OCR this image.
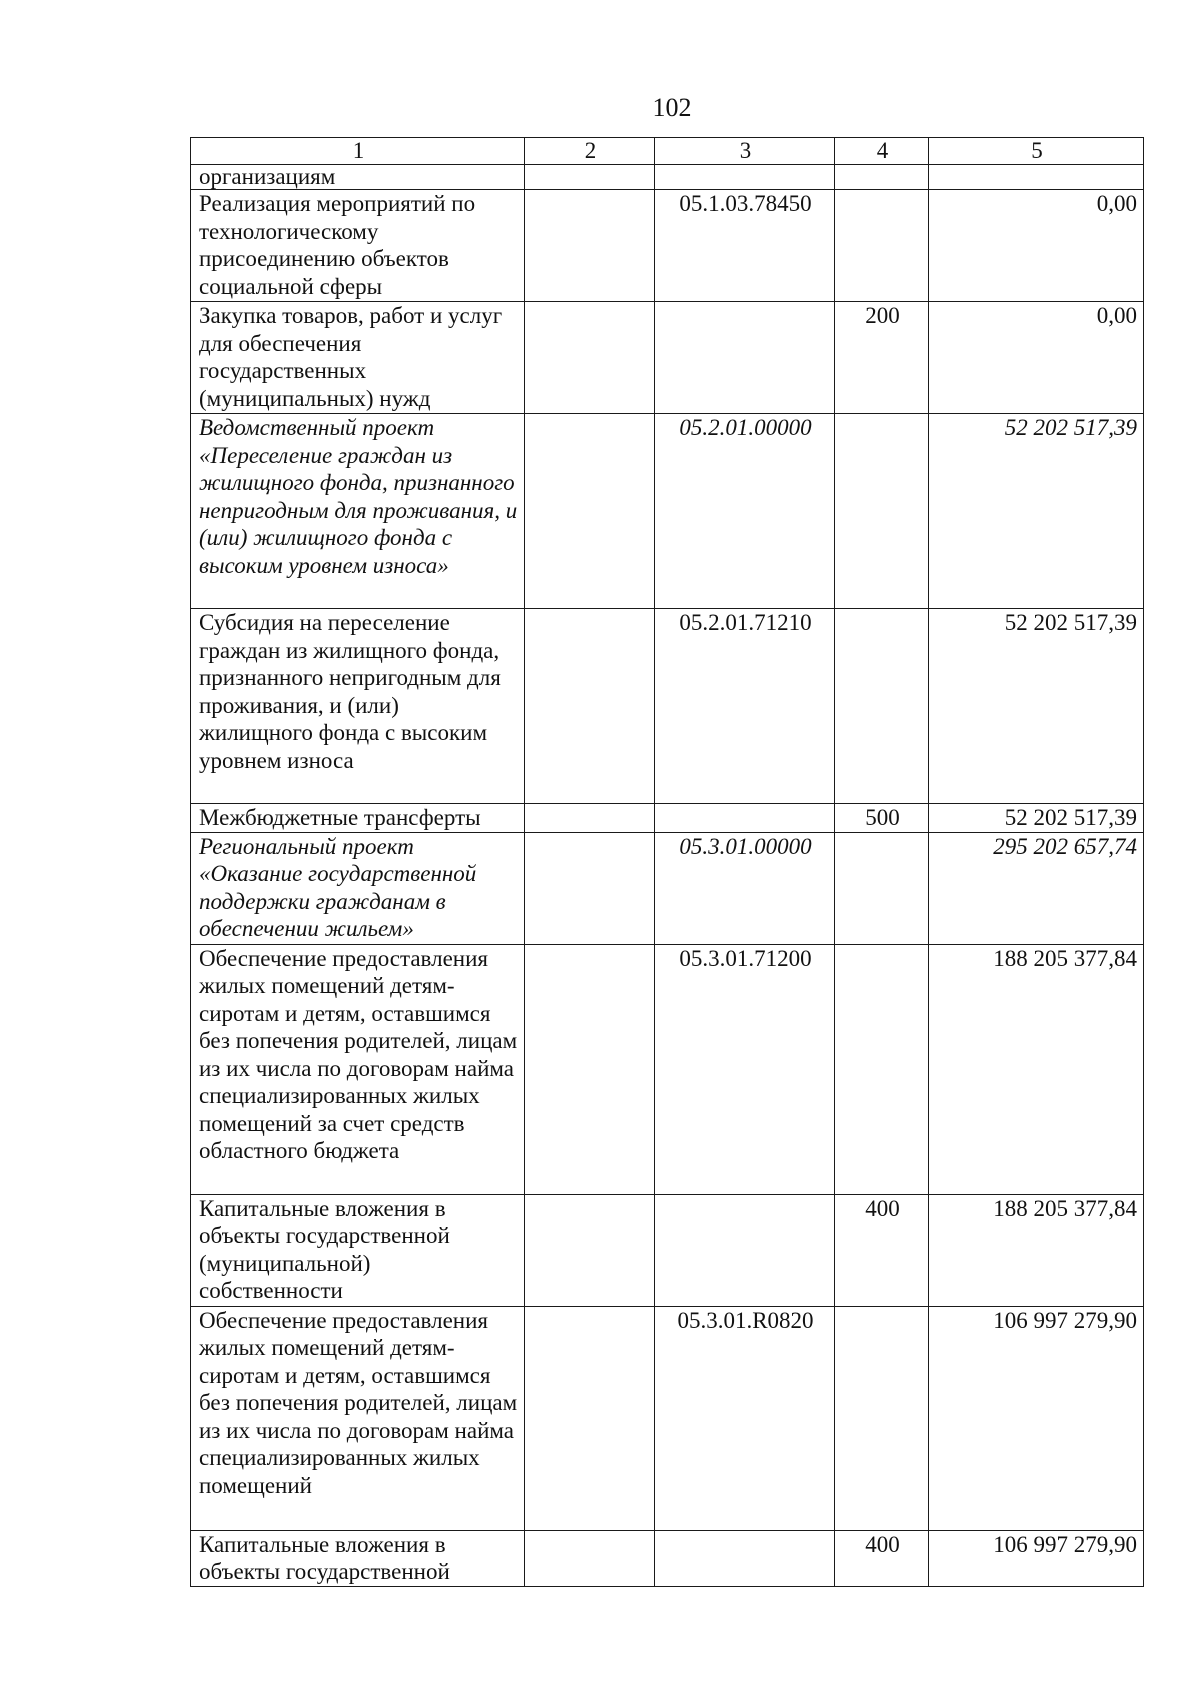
102
1	2	3	4	5
организациям				
Реализация мероприятий по технологическому присоединению объектов социальной сферы		05.1.03.78450		0,00
Закупка товаров, работ и услуг для обеспечения государственных (муниципальных) нужд			200	0,00
Ведомственный проект «Переселение граждан из жилищного фонда, признанного непригодным для проживания, и (или) жилищного фонда с высоким уровнем износа»		05.2.01.00000		52 202 517,39
Субсидия на переселение граждан из жилищного фонда, признанного непригодным для проживания, и (или) жилищного фонда с высоким уровнем износа		05.2.01.71210		52 202 517,39
Межбюджетные трансферты			500	52 202 517,39
Региональный проект «Оказание государственной поддержки гражданам в обеспечении жильем»		05.3.01.00000		295 202 657,74
Обеспечение предоставления жилых помещений детям-сиротам и детям, оставшимся без попечения родителей, лицам из их числа по договорам найма специализированных жилых помещений за счет средств областного бюджета		05.3.01.71200		188 205 377,84
Капитальные вложения в объекты государственной (муниципальной) собственности			400	188 205 377,84
Обеспечение предоставления жилых помещений детям-сиротам и детям, оставшимся без попечения родителей, лицам из их числа по договорам найма специализированных жилых помещений		05.3.01.R0820		106 997 279,90
Капитальные вложения в объекты государственной			400	106 997 279,90
